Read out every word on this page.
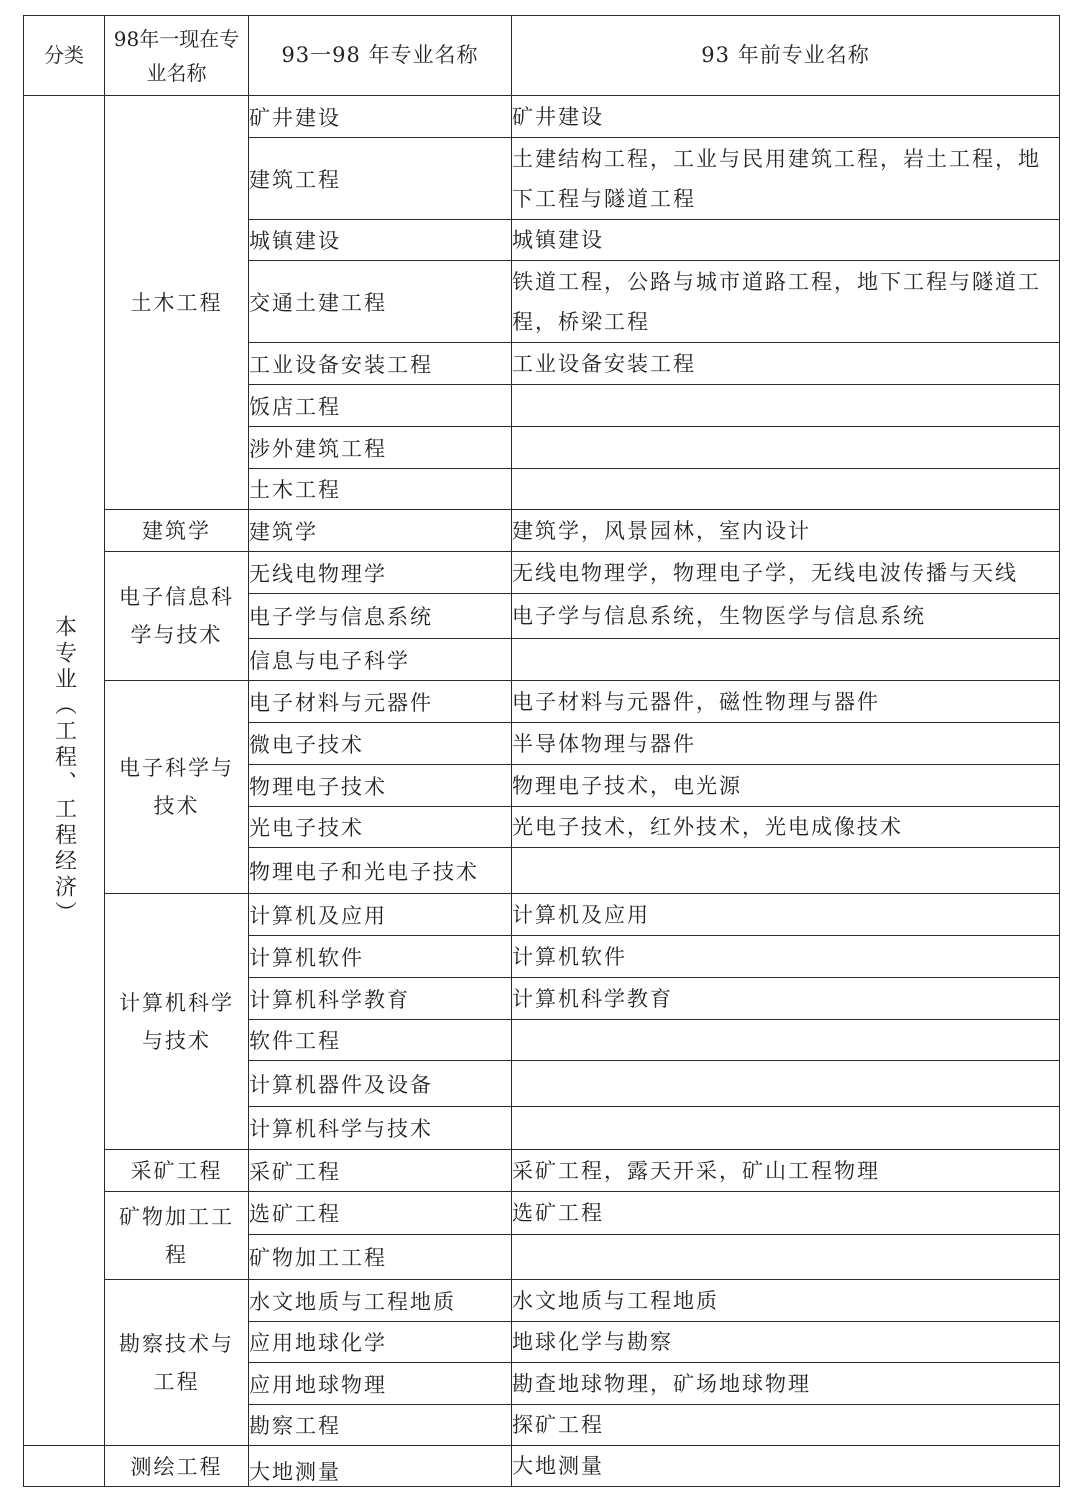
分类	98年一现在专业名称	93一98 年专业名称	93 年前专业名称
本专业（工程、工程经济）	土木工程	矿井建设	矿井建设
		建筑工程	土建结构工程，工业与民用建筑工程，岩土工程，地下工程与隧道工程
		城镇建设	城镇建设
		交通土建工程	铁道工程，公路与城市道路工程，地下工程与隧道工程，桥梁工程
		工业设备安装工程	工业设备安装工程
		饭店工程	
		涉外建筑工程	
		土木工程	
	建筑学	建筑学	建筑学，风景园林，室内设计
	电子信息科学与技术	无线电物理学	无线电物理学，物理电子学，无线电波传播与天线
		电子学与信息系统	电子学与信息系统，生物医学与信息系统
		信息与电子科学	
	电子科学与技术	电子材料与元器件	电子材料与元器件，磁性物理与器件
		微电子技术	半导体物理与器件
		物理电子技术	物理电子技术，电光源
		光电子技术	光电子技术，红外技术，光电成像技术
		物理电子和光电子技术	
	计算机科学与技术	计算机及应用	计算机及应用
		计算机软件	计算机软件
		计算机科学教育	计算机科学教育
		软件工程	
		计算机器件及设备	
		计算机科学与技术	
	采矿工程	采矿工程	采矿工程，露天开采，矿山工程物理
	矿物加工工程	选矿工程	选矿工程
		矿物加工工程	
	勘察技术与工程	水文地质与工程地质	水文地质与工程地质
		应用地球化学	地球化学与勘察
		应用地球物理	勘查地球物理，矿场地球物理
		勘察工程	探矿工程
	测绘工程	大地测量	大地测量
